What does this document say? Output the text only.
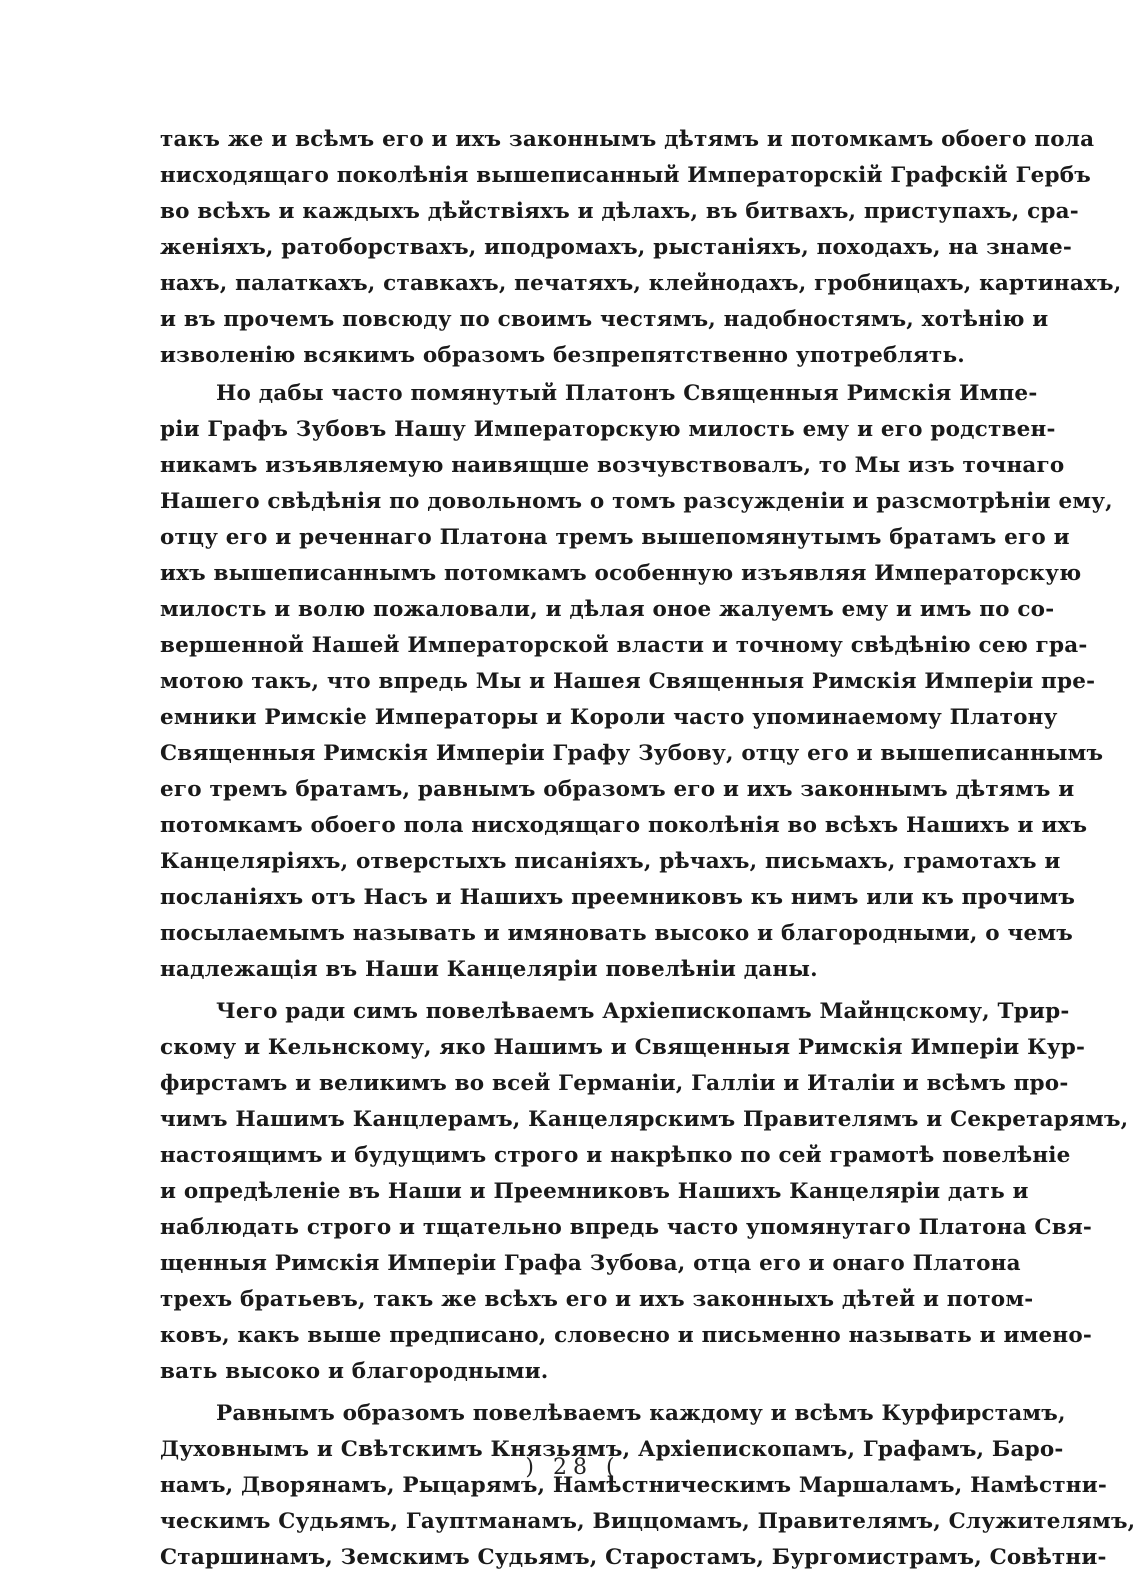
такъ же и всѣмъ его и ихъ законнымъ дѣтямъ и потомкамъ обоего пола
нисходящаго поколѣнія вышеписанный Императорскій Графскій Гербъ
во всѣхъ и каждыхъ дѣйствіяхъ и дѣлахъ, въ битвахъ, приступахъ, сра-
женіяхъ, ратоборствахъ, иподромахъ, рыстаніяхъ, походахъ, на знаме-
нахъ, палаткахъ, ставкахъ, печатяхъ, клейнодахъ, гробницахъ, картинахъ,
и въ прочемъ повсюду по своимъ честямъ, надобностямъ, хотѣнію и
изволенію всякимъ образомъ безпрепятственно употреблять.
Но дабы часто помянутый Платонъ Священныя Римскія Импе-
ріи Графъ Зубовъ Нашу Императорскую милость ему и его родствен-
никамъ изъявляемую наивящше возчувствовалъ, то Мы изъ точнаго
Нашего свѣдѣнія по довольномъ о томъ разсужденіи и разсмотрѣніи ему,
отцу его и реченнаго Платона тремъ вышепомянутымъ братамъ его и
ихъ вышеписаннымъ потомкамъ особенную изъявляя Императорскую
милость и волю пожаловали, и дѣлая оное жалуемъ ему и имъ по со-
вершенной Нашей Императорской власти и точному свѣдѣнію сею гра-
мотою такъ, что впредь Мы и Нашея Священныя Римскія Имперіи пре-
емники Римскіе Императоры и Короли часто упоминаемому Платону
Священныя Римскія Имперіи Графу Зубову, отцу его и вышеписаннымъ
его тремъ братамъ, равнымъ образомъ его и ихъ законнымъ дѣтямъ и
потомкамъ обоего пола нисходящаго поколѣнія во всѣхъ Нашихъ и ихъ
Канцеляріяхъ, отверстыхъ писаніяхъ, рѣчахъ, письмахъ, грамотахъ и
посланіяхъ отъ Насъ и Нашихъ преемниковъ къ нимъ или къ прочимъ
посылаемымъ называть и имяновать высоко и благородными, о чемъ
надлежащія въ Наши Канцеляріи повелѣніи даны.
Чего ради симъ повелѣваемъ Архіепископамъ Майнцскому, Трир-
скому и Кельнскому, яко Нашимъ и Священныя Римскія Имперіи Кур-
фирстамъ и великимъ во всей Германіи, Галліи и Италіи и всѣмъ про-
чимъ Нашимъ Канцлерамъ, Канцелярскимъ Правителямъ и Секретарямъ,
настоящимъ и будущимъ строго и накрѣпко по сей грамотѣ повелѣніе
и опредѣленіе въ Наши и Преемниковъ Нашихъ Канцеляріи дать и
наблюдать строго и тщательно впредь часто упомянутаго Платона Свя-
щенныя Римскія Имперіи Графа Зубова, отца его и онаго Платона
трехъ братьевъ, такъ же всѣхъ его и ихъ законныхъ дѣтей и потом-
ковъ, какъ выше предписано, словесно и письменно называть и имено-
вать высоко и благородными.
Равнымъ образомъ повелѣваемъ каждому и всѣмъ Курфирстамъ,
Духовнымъ и Свѣтскимъ Князьямъ, Архіепископамъ, Графамъ, Баро-
намъ, Дворянамъ, Рыцарямъ, Намѣстническимъ Маршаламъ, Намѣстни-
ческимъ Судьямъ, Гауптманамъ, Виццомамъ, Правителямъ, Служителямъ,
Старшинамъ, Земскимъ Судьямъ, Старостамъ, Бургомистрамъ, Совѣтни-
) 28 (
